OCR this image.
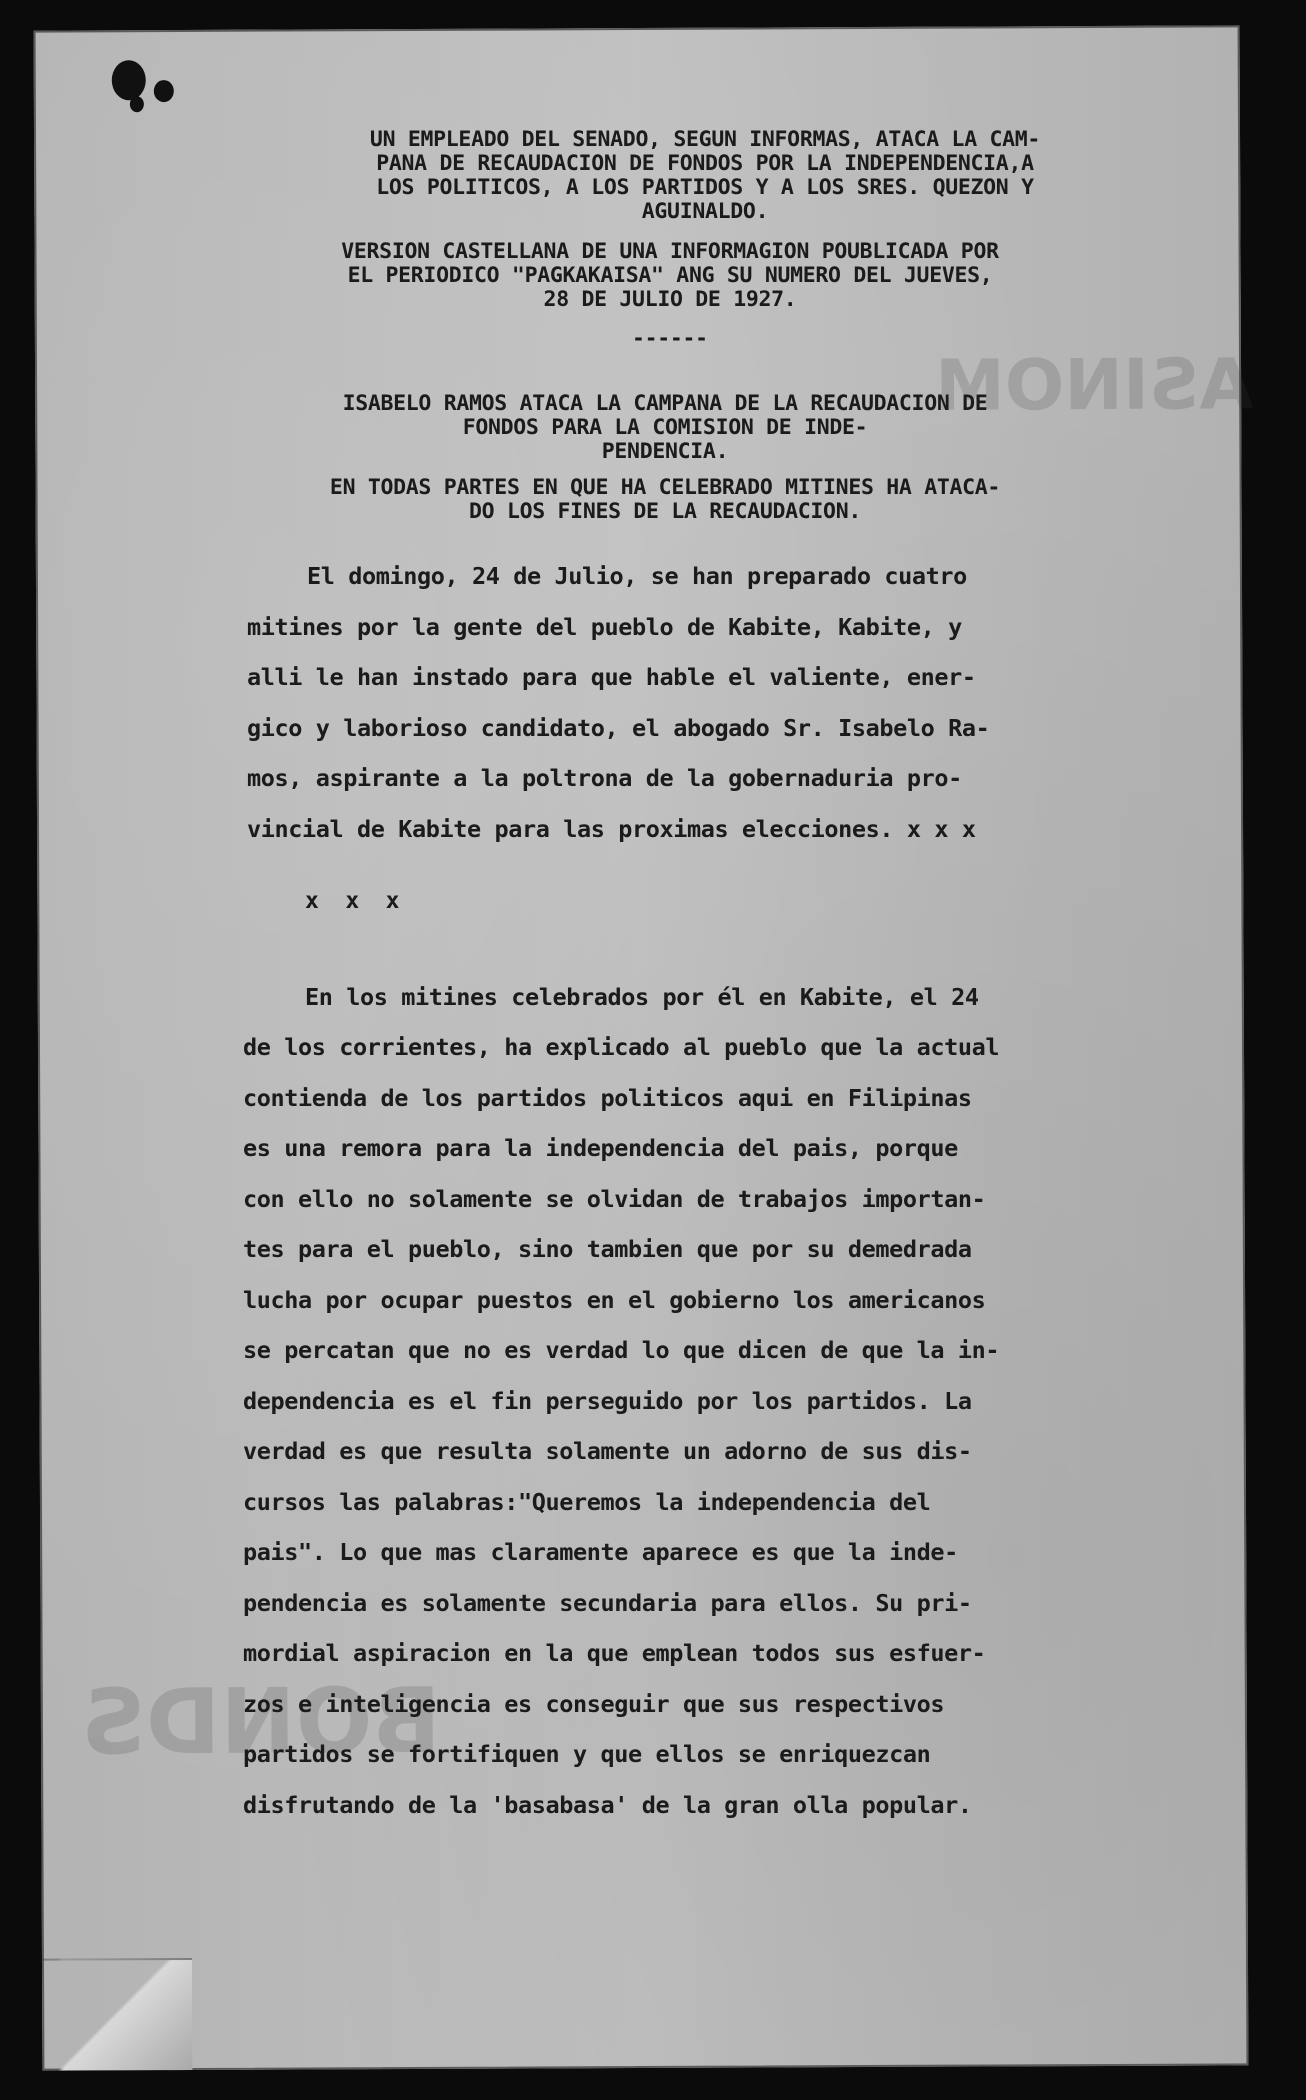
ASINOM
BONDS
UN EMPLEADO DEL SENADO, SEGUN INFORMAS, ATACA LA CAM-
PANA DE RECAUDACION DE FONDOS POR LA INDEPENDENCIA,A
LOS POLITICOS, A LOS PARTIDOS Y A LOS SRES. QUEZON Y
AGUINALDO.
VERSION CASTELLANA DE UNA INFORMAGION POUBLICADA POR
EL PERIODICO "PAGKAKAISA" ANG SU NUMERO DEL JUEVES,
28 DE JULIO DE 1927.
------
ISABELO RAMOS ATACA LA CAMPANA DE LA RECAUDACION DE
FONDOS PARA LA COMISION DE INDE-
PENDENCIA.
EN TODAS PARTES EN QUE HA CELEBRADO MITINES HA ATACA-
DO LOS FINES DE LA RECAUDACION.
El domingo, 24 de Julio, se han preparado cuatro
mitines por la gente del pueblo de Kabite, Kabite, y
alli le han instado para que hable el valiente, ener-
gico y laborioso candidato, el abogado Sr. Isabelo Ra-
mos, aspirante a la poltrona de la gobernaduria pro-
vincial de Kabite para las proximas elecciones. x x x
x  x  x
En los mitines celebrados por él en Kabite, el 24
de los corrientes, ha explicado al pueblo que la actual
contienda de los partidos politicos aqui en Filipinas
es una remora para la independencia del pais, porque
con ello no solamente se olvidan de trabajos importan-
tes para el pueblo, sino tambien que por su demedrada
lucha por ocupar puestos en el gobierno los americanos
se percatan que no es verdad lo que dicen de que la in-
dependencia es el fin perseguido por los partidos. La
verdad es que resulta solamente un adorno de sus dis-
cursos las palabras:"Queremos la independencia del
pais". Lo que mas claramente aparece es que la inde-
pendencia es solamente secundaria para ellos. Su pri-
mordial aspiracion en la que emplean todos sus esfuer-
zos e inteligencia es conseguir que sus respectivos
partidos se fortifiquen y que ellos se enriquezcan
disfrutando de la 'basabasa' de la gran olla popular.
